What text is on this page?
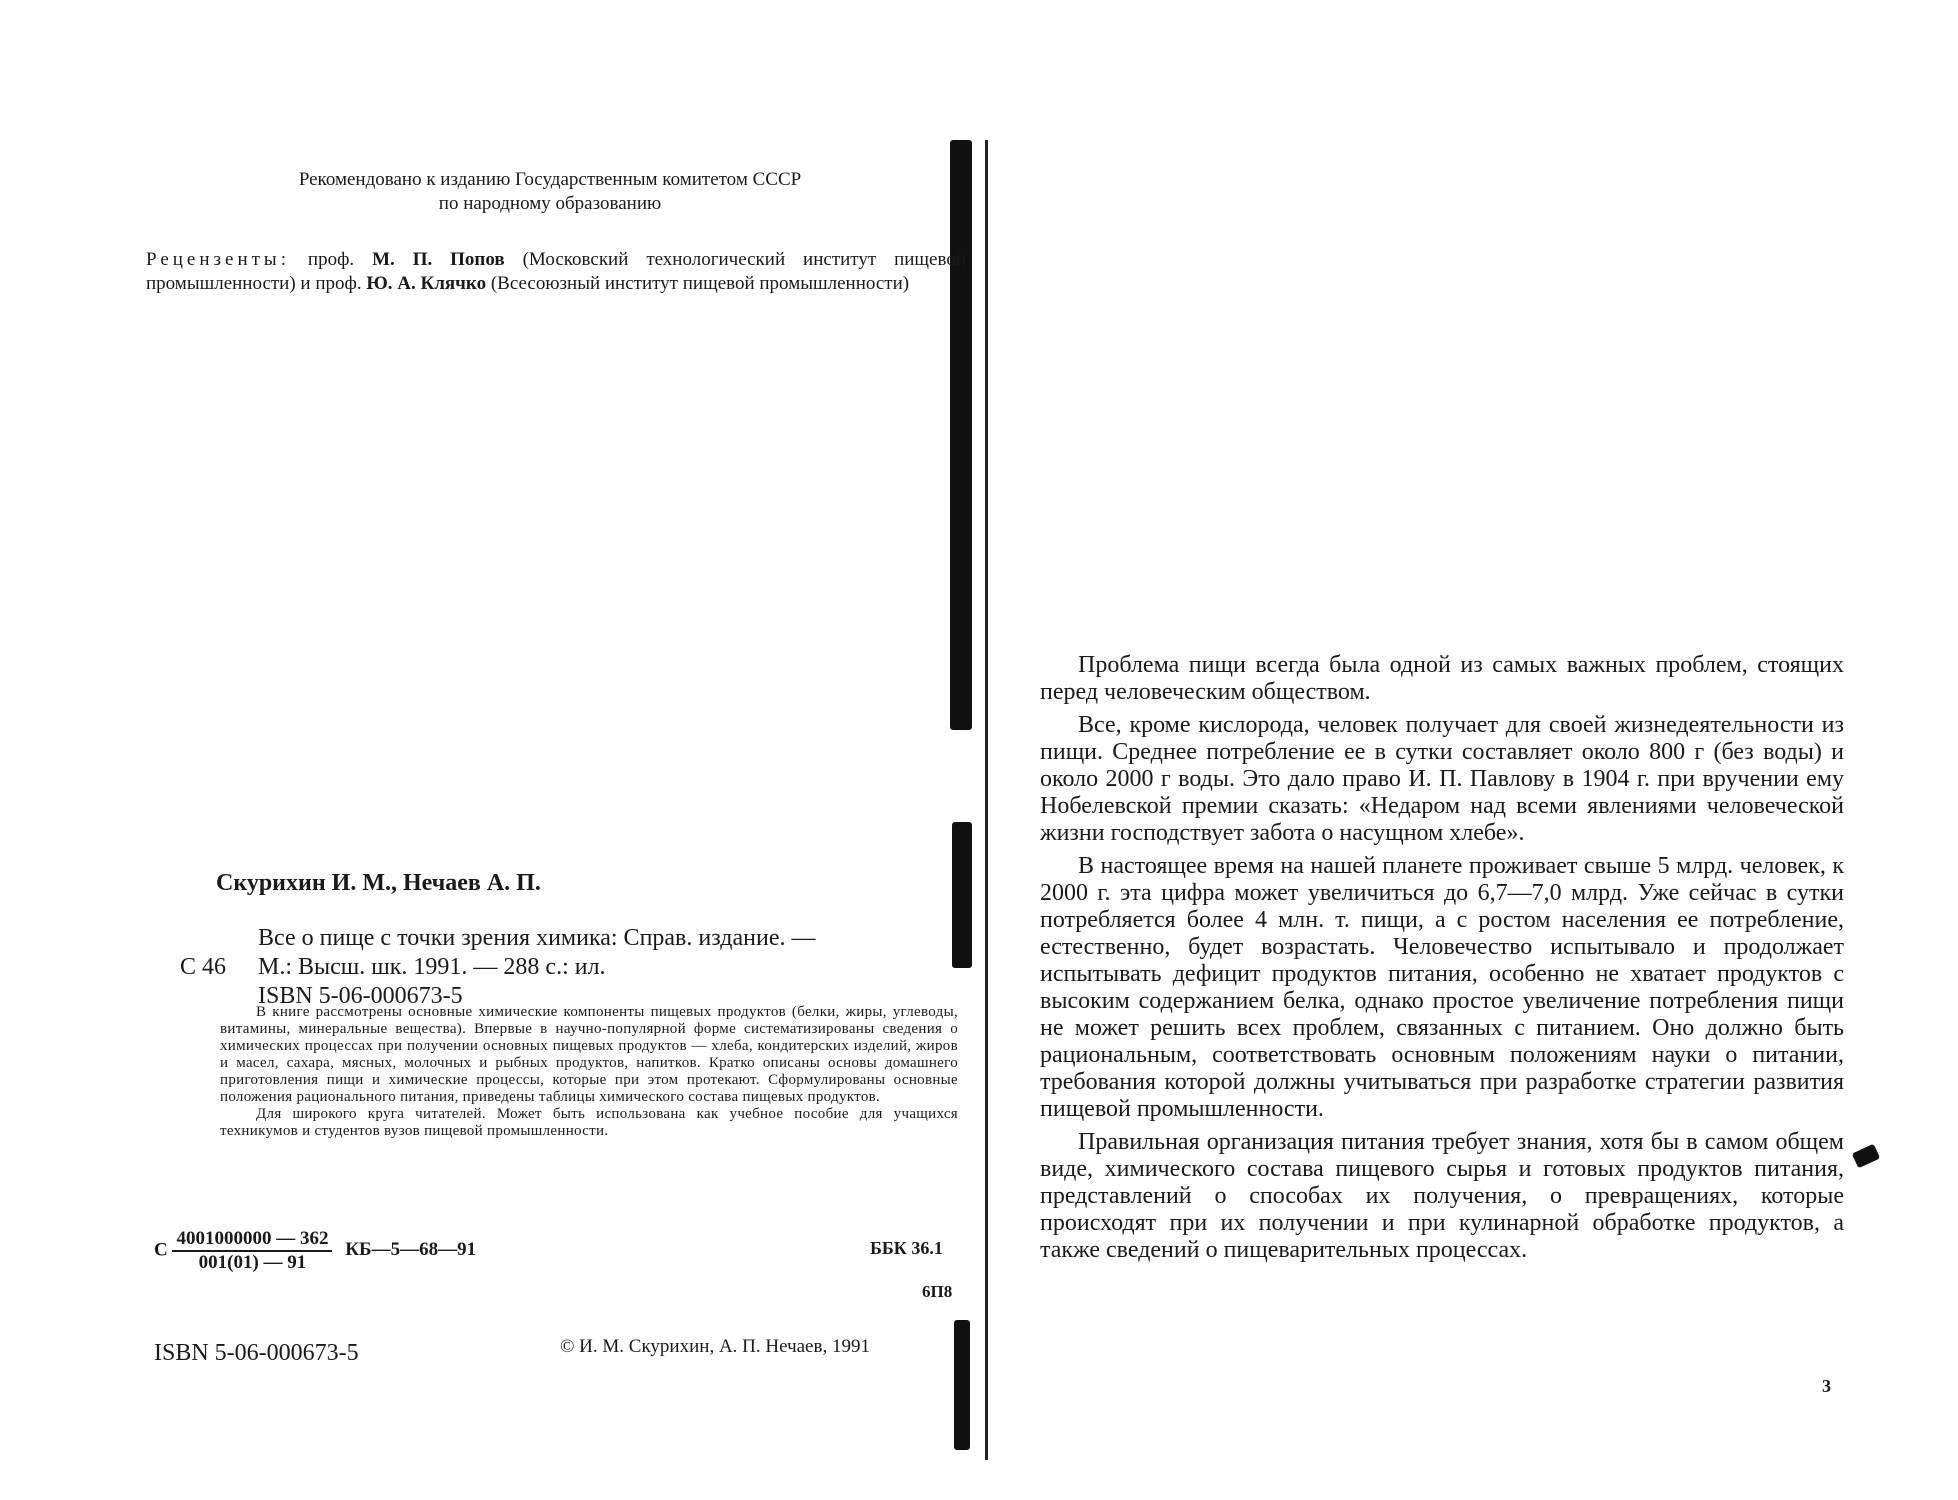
Рекомендовано к изданию Государственным комитетом СССР
по народному образованию
Рецензенты: проф. М. П. Попов (Московский технологический институт пищевой промышленности) и проф. Ю. А. Клячко (Всесоюзный институт пищевой промышленности)
Скурихин И. М., Нечаев А. П.
Все о пище с точки зрения химика: Справ. издание. —
С 46 М.: Высш. шк. 1991. — 288 с.: ил.
ISBN 5-06-000673-5

В книге рассмотрены основные химические компоненты пищевых продуктов (белки, жиры, углеводы, витамины, минеральные вещества). Впервые в научно-популярной форме систематизированы сведения о химических процессах при получении основных пищевых продуктов — хлеба, кондитерских изделий, жиров и масел, сахара, мясных, молочных и рыбных продуктов, напитков. Кратко описаны основы домашнего приготовления пищи и химические процессы, которые при этом протекают. Сформулированы основные положения рационального питания, приведены таблицы химического состава пищевых продуктов.

Для широкого круга читателей. Может быть использована как учебное пособие для учащихся техникумов и студентов вузов пищевой промышленности.

С $\frac{4001000000 — 362}{001(01) — 91}$ КБ—5—68—91	ББК 36.1
6П8
ISBN 5-06-000673-5	© И. М. Скурихин, А. П. Нечаев, 1991

Проблема пищи всегда была одной из самых важных проблем, стоящих перед человеческим обществом.

Все, кроме кислорода, человек получает для своей жизнедеятельности из пищи. Среднее потребление ее в сутки составляет около 800 г (без воды) и около 2000 г воды. Это дало право И. П. Павлову в 1904 г. при вручении ему Нобелевской премии сказать: «Недаром над всеми явлениями человеческой жизни господствует забота о насущном хлебе».

В настоящее время на нашей планете проживает свыше 5 млрд. человек, к 2000 г. эта цифра может увеличиться до 6,7—7,0 млрд. Уже сейчас в сутки потребляется более 4 млн. т. пищи, а с ростом населения ее потребление, естественно, будет возрастать. Человечество испытывало и продолжает испытывать дефицит продуктов питания, особенно не хватает продуктов с высоким содержанием белка, однако простое увеличение потребления пищи не может решить всех проблем, связанных с питанием. Оно должно быть рациональным, соответствовать основным положениям науки о питании, требования которой должны учитываться при разработке стратегии развития пищевой промышленности.

Правильная организация питания требует знания, хотя бы в самом общем виде, химического состава пищевого сырья и готовых продуктов питания, представлений о способах их получения, о превращениях, которые происходят при их получении и при кулинарной обработке продуктов, а также сведений о пищеварительных процессах.

3
